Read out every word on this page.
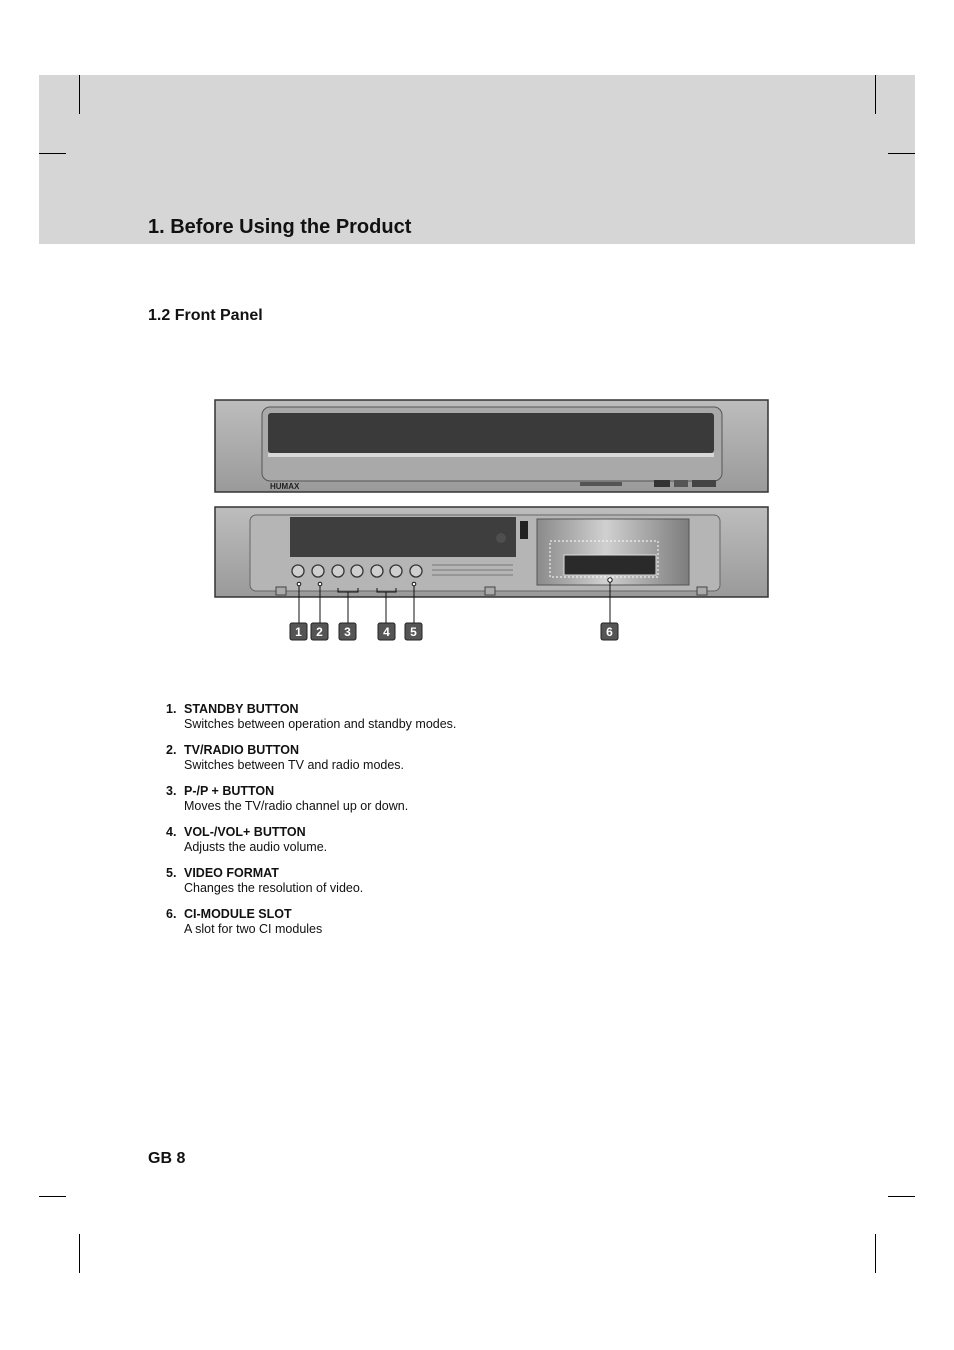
1. Before Using the Product
1.2 Front Panel
HUMAX
1 2 3	4 5	6
1. STANDBY BUTTON
Switches between operation and standby modes.
2. TV/RADIO BUTTON
Switches between TV and radio modes.
3. P-/P + BUTTON
Moves the TV/radio channel up or down.
4. VOL-/VOL+ BUTTON
Adjusts the audio volume.
5. VIDEO FORMAT
Changes the resolution of video.
6. CI-MODULE SLOT
A slot for two CI modules
GB 8
